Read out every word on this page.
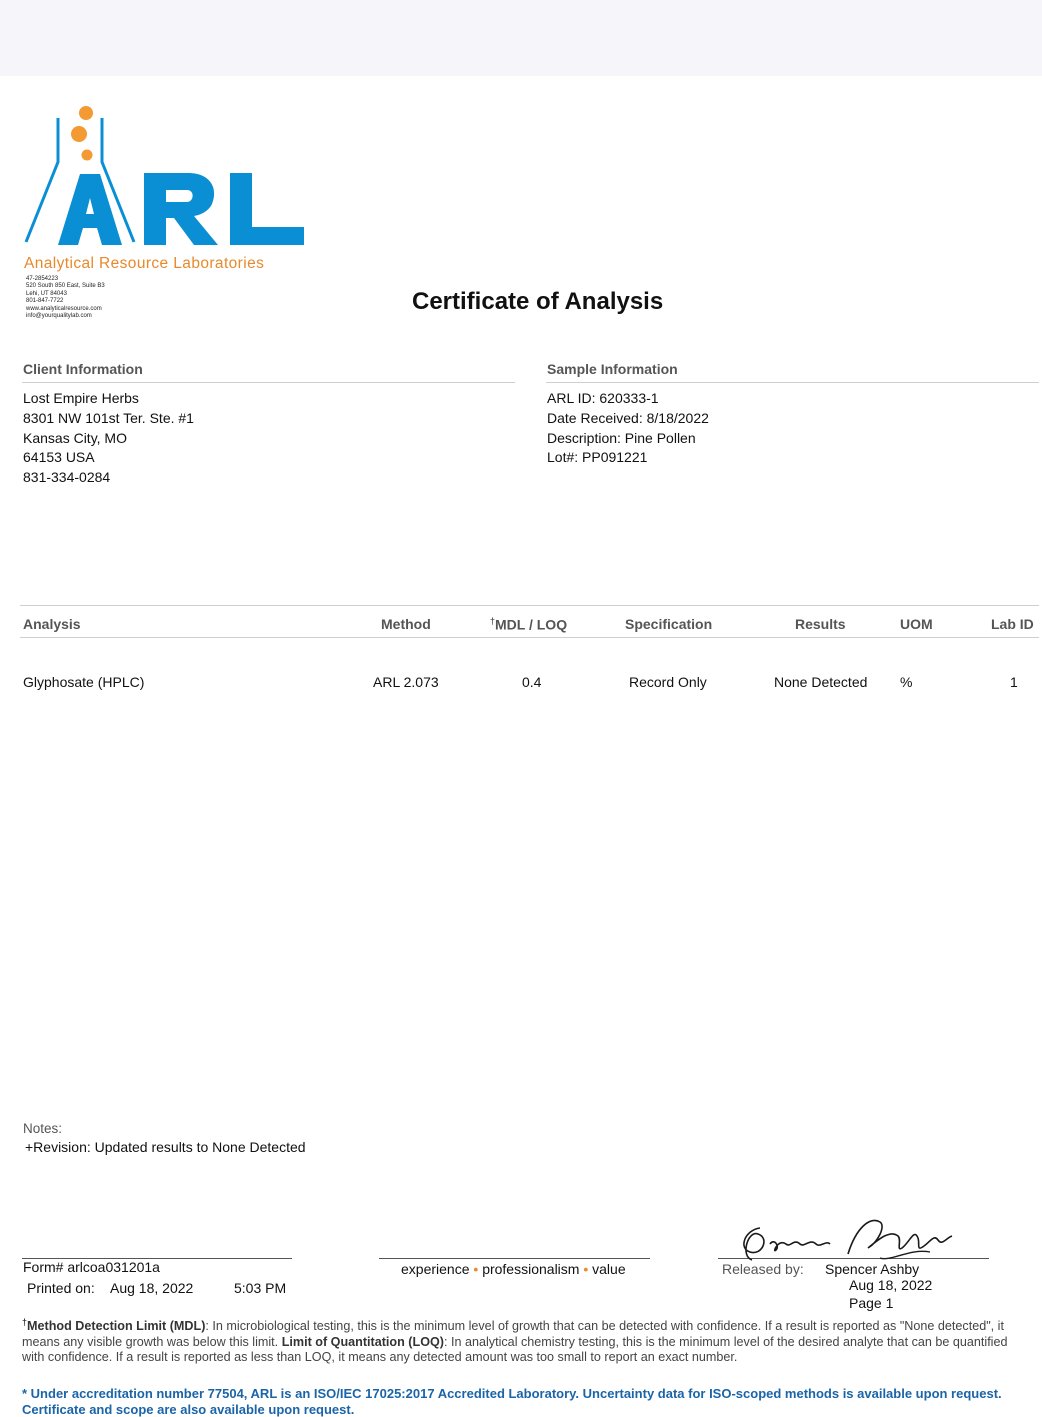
Analytical Resource Laboratories
47-2854223
520 South 850 East, Suite B3
Lehi, UT 84043
801-847-7722
www.analyticalresource.com
info@yourqualitylab.com
Certificate of Analysis
Client Information
Lost Empire Herbs
8301 NW 101st Ter. Ste. #1
Kansas City, MO
64153 USA
831-334-0284
Sample Information
ARL ID: 620333-1
Date Received: 8/18/2022
Description: Pine Pollen
Lot#: PP091221
Analysis	Method	†MDL / LOQ	Specification	Results	UOM	Lab ID
Glyphosate (HPLC)	ARL 2.073	0.4	Record Only	None Detected %	1
Notes:
+Revision: Updated results to None Detected
Form# arlcoa031201a
Printed on: Aug 18, 2022	5:03 PM
experience • professionalism • value	Released by: Spencer Ashby
Aug 18, 2022
Page 1
†Method Detection Limit (MDL): In microbiological testing, this is the minimum level of growth that can be detected with confidence. If a result is reported as "None detected", it means any visible growth was below this limit. Limit of Quantitation (LOQ): In analytical chemistry testing, this is the minimum level of the desired analyte that can be quantified with confidence. If a result is reported as less than LOQ, it means any detected amount was too small to report an exact number.
* Under accreditation number 77504, ARL is an ISO/IEC 17025:2017 Accredited Laboratory. Uncertainty data for ISO-scoped methods is available upon request. Certificate and scope are also available upon request.
